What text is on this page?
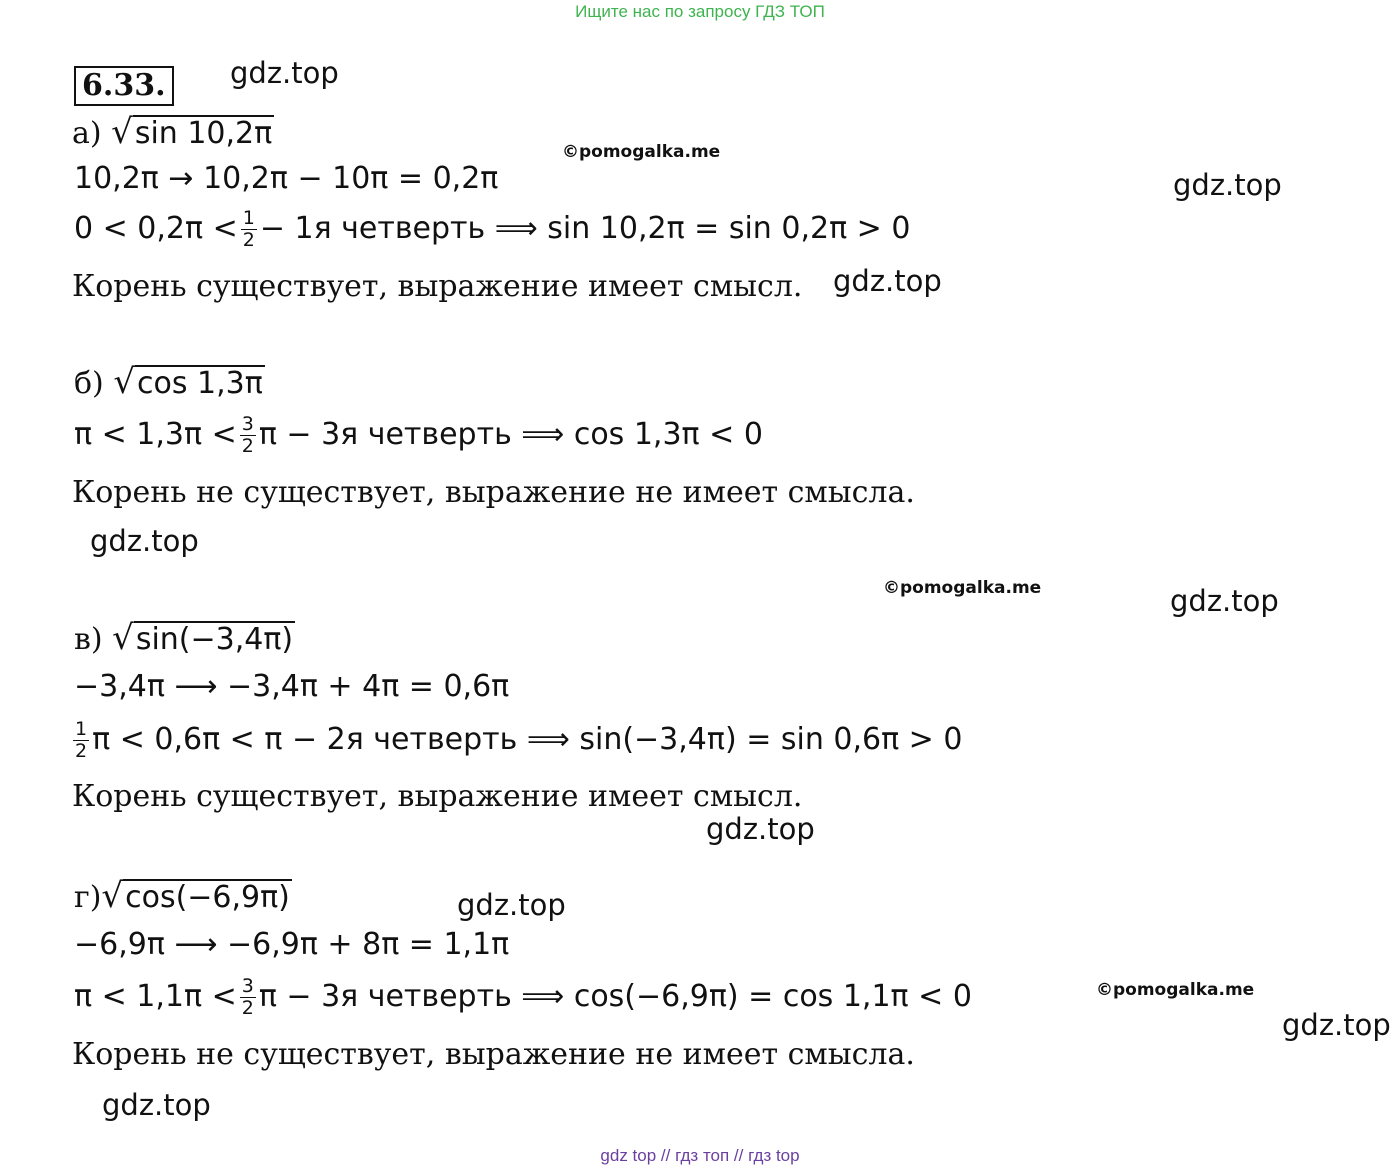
Ищите нас по запросу ГДЗ ТОП
6.33. gdz.top
а) √sin 10,2π
©pomogalka.me
10,2π → 10,2π − 10π = 0,2π	gdz.top
$0 < 0,2\pi < \frac{1}{2} - 1я$ четверть ⟹ sin 10,2π = sin 0,2π > 0
Корень существует, выражение имеет смысл. gdz.top
б) √cos 1,3π
$\pi < 1,3\pi < \frac{3}{2}$ π − 3я четверть ⟹ cos 1,3π < 0
Корень не существует, выражение не имеет смысла.
gdz.top
©pomogalka.me	gdz.top
в) √sin(−3,4π)
−3,4π ⟶ −3,4π + 4π = 0,6π
$\frac{1}{2}$ π < 0,6π < π − 2я четверть ⟹ sin(−3,4π) = sin 0,6π > 0
Корень существует, выражение имеет смысл.
gdz.top
г)√cos(−6,9π)	gdz.top
−6,9π ⟶ −6,9π + 8π = 1,1π
$\pi < 1,1\pi < \frac{3}{2}$ π − 3я четверть ⟹ cos(−6,9π) = cos 1,1π < 0	©pomogalka.me
gdz.top
Корень не существует, выражение не имеет смысла.
gdz.top
gdz top // гдз топ // гдз top
